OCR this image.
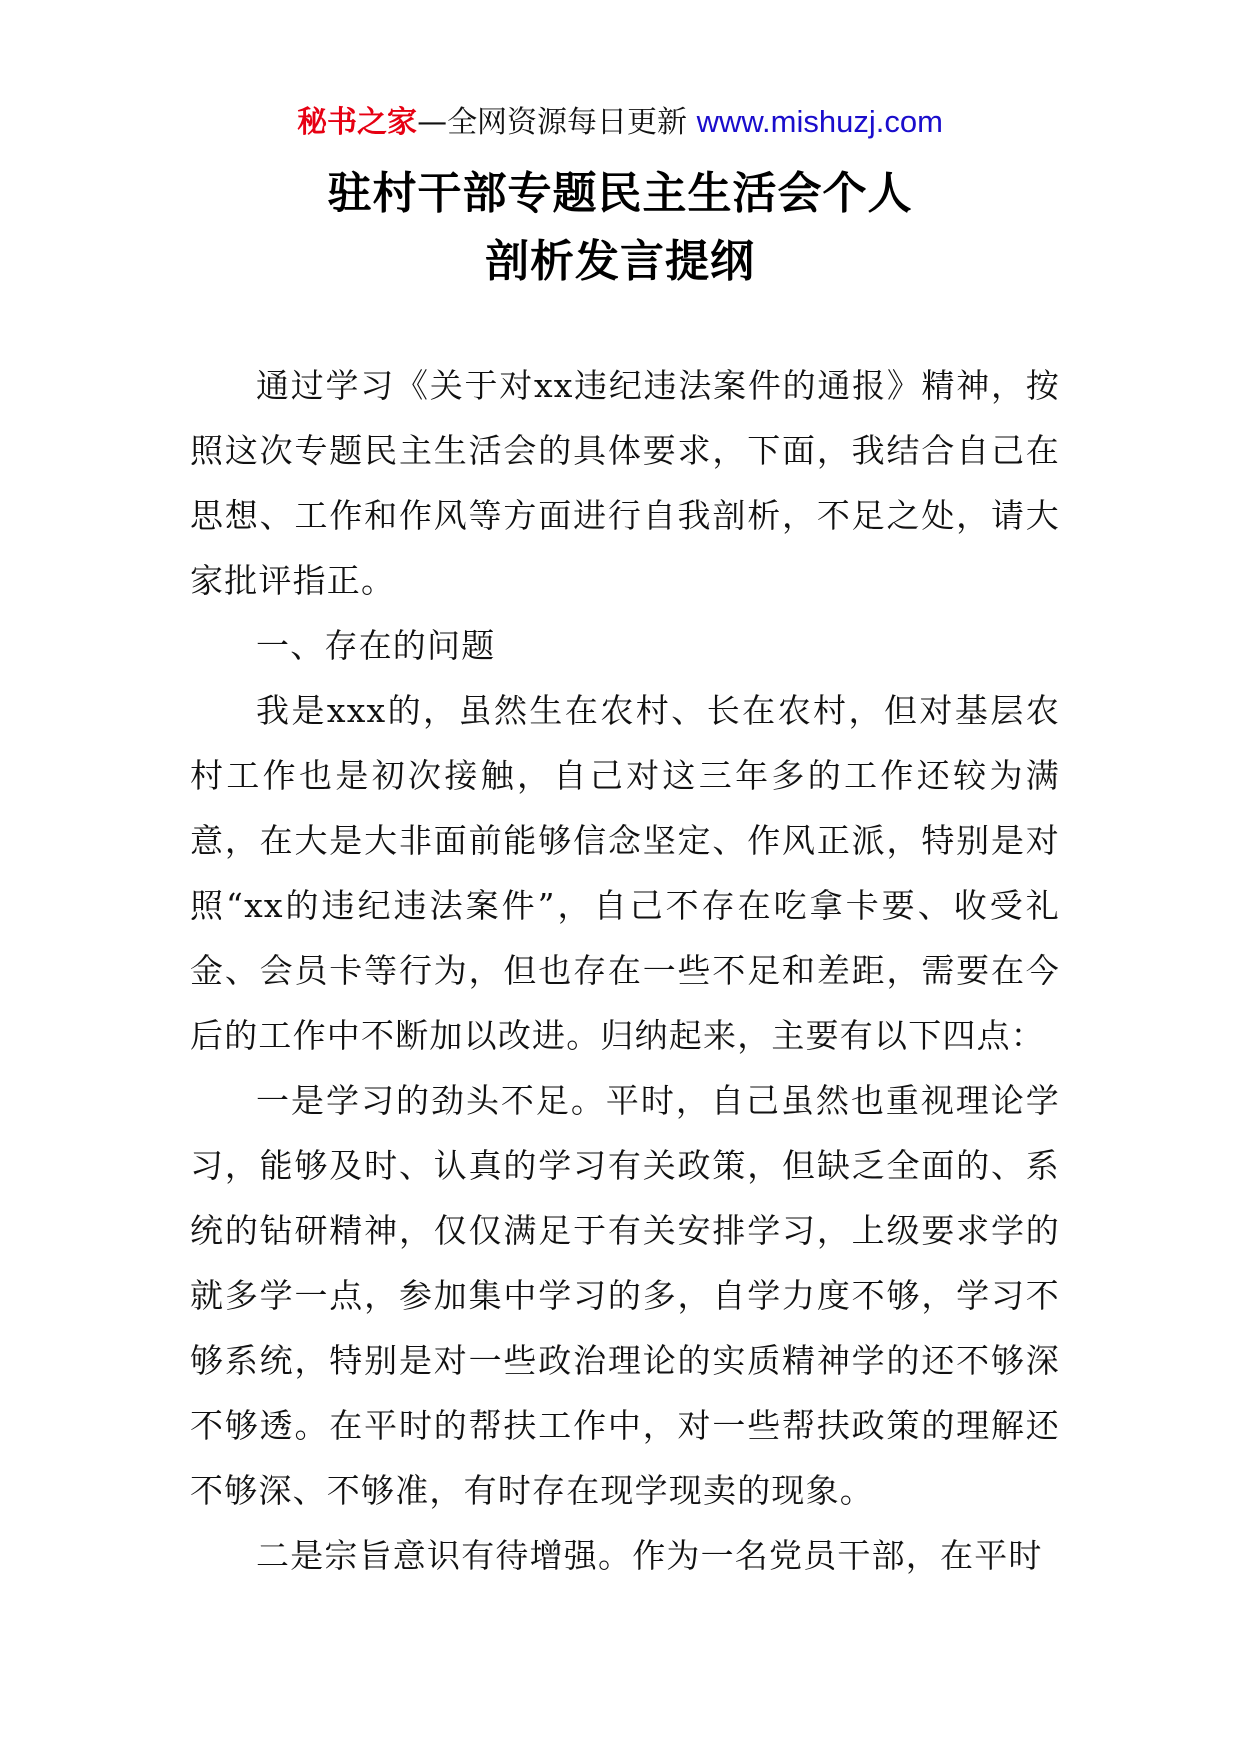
秘书之家—全网资源每日更新 www.mishuzj.com
驻村干部专题民主生活会个人
剖析发言提纲

通过学习《关于对xx违纪违法案件的通报》精神，按照这次专题民主生活会的具体要求，下面，我结合自己在思想、工作和作风等方面进行自我剖析，不足之处，请大家批评指正。

一、存在的问题

我是xxx的，虽然生在农村、长在农村，但对基层农村工作也是初次接触，自己对这三年多的工作还较为满意，在大是大非面前能够信念坚定、作风正派，特别是对照“xx的违纪违法案件”，自己不存在吃拿卡要、收受礼金、会员卡等行为，但也存在一些不足和差距，需要在今后的工作中不断加以改进。归纳起来，主要有以下四点：

一是学习的劲头不足。平时，自己虽然也重视理论学习，能够及时、认真的学习有关政策，但缺乏全面的、系统的钻研精神，仅仅满足于有关安排学习，上级要求学的就多学一点，参加集中学习的多，自学力度不够，学习不够系统，特别是对一些政治理论的实质精神学的还不够深不够透。在平时的帮扶工作中，对一些帮扶政策的理解还不够深、不够准，有时存在现学现卖的现象。

二是宗旨意识有待增强。作为一名党员干部，在平时
